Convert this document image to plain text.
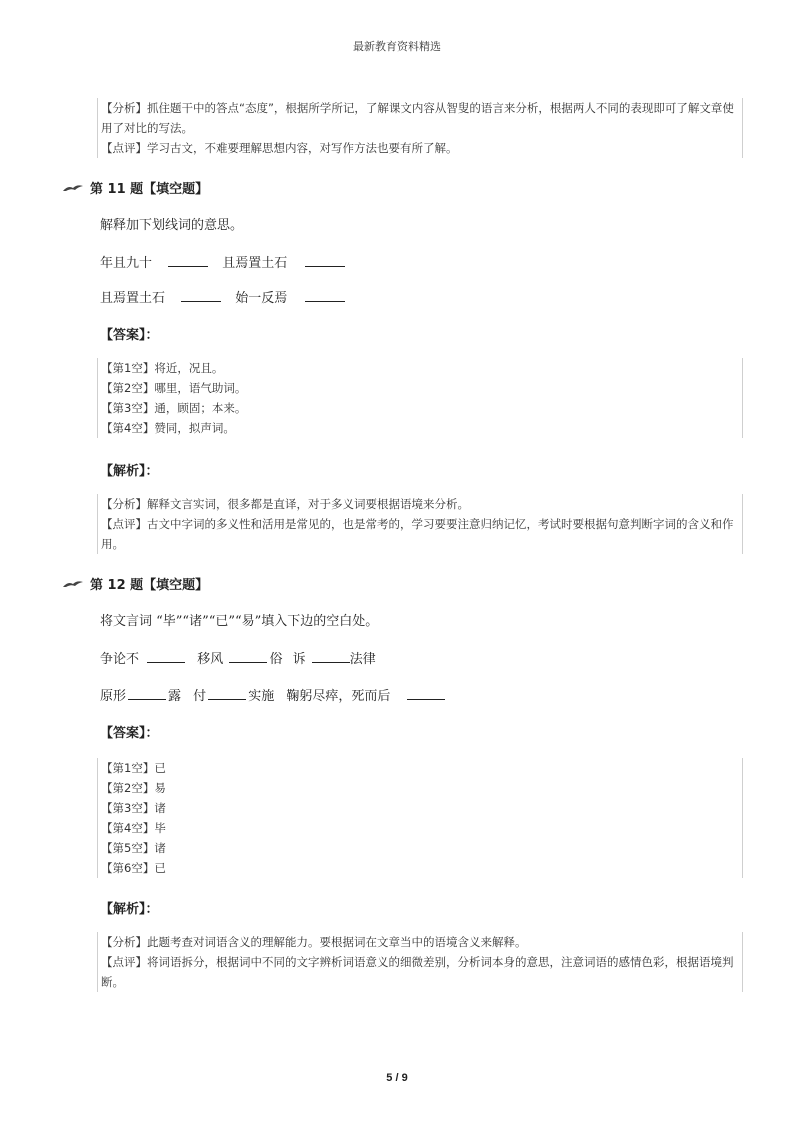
最新教育资料精选
【分析】抓住题干中的答点“态度”，根据所学所记，了解课文内容从智叟的语言来分析，根据两人不同的表现即可了解文章使用了对比的写法。
【点评】学习古文，不难要理解思想内容，对写作方法也要有所了解。
第 11 题【填空题】
解释加下划线词的意思。
年且九十	且焉置土石
且焉置土石	始一反焉
【答案】：
【第1空】将近，况且。
【第2空】哪里，语气助词。
【第3空】通，顾固；本来。
【第4空】赞同，拟声词。
【解析】：
【分析】解释文言实词，很多都是直译，对于多义词要根据语境来分析。
【点评】古文中字词的多义性和活用是常见的，也是常考的，学习要要注意归纳记忆，考试时要根据句意判断字词的含义和作用。
第 12 题【填空题】
将文言词 “毕”“诸”“已”“易”填入下边的空白处。
争论不	移风	俗 诉	法律
原形	露 付	实施 鞠躬尽瘁，死而后
【答案】：
【第1空】已
【第2空】易
【第3空】诸
【第4空】毕
【第5空】诸
【第6空】已
【解析】：
【分析】此题考查对词语含义的理解能力。要根据词在文章当中的语境含义来解释。
【点评】将词语拆分，根据词中不同的文字辨析词语意义的细微差别，分析词本身的意思，注意词语的感情色彩，根据语境判断。
5 / 9
